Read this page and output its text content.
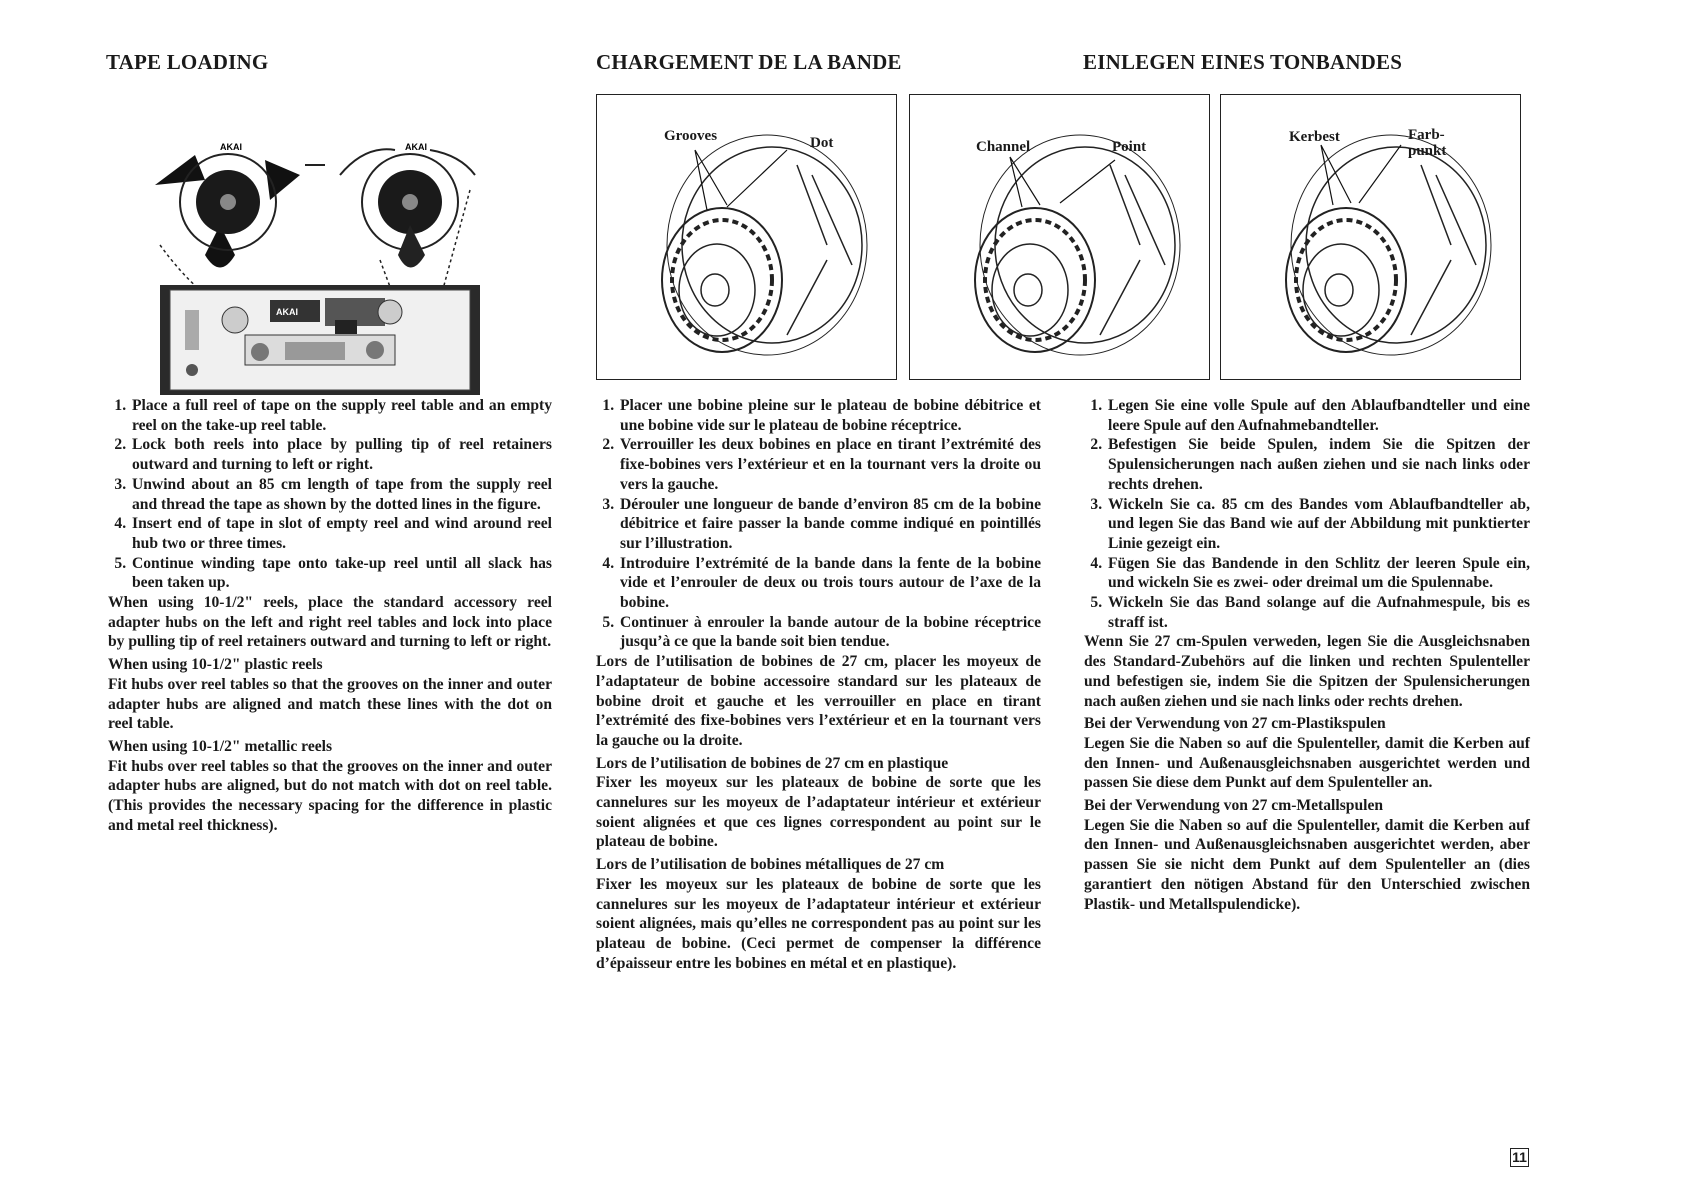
TAPE LOADING	CHARGEMENT DE LA BANDE	EINLEGEN EINES TONBANDES
AKAI	AKAI
AKAI
Grooves	Dot	Channel	Point
Kerbest	Farb-
punkt
1. Place a full reel of tape on the supply reel table and an empty reel on the take-up reel table.
2. Lock both reels into place by pulling tip of reel retainers outward and turning to left or right.
3. Unwind about an 85 cm length of tape from the supply reel and thread the tape as shown by the dotted lines in the figure.
4. Insert end of tape in slot of empty reel and wind around reel hub two or three times.
5. Continue winding tape onto take-up reel until all slack has been taken up.

When using 10-1/2" reels, place the standard accessory reel adapter hubs on the left and right reel tables and lock into place by pulling tip of reel retainers outward and turning to left or right.

When using 10-1/2" plastic reels

Fit hubs over reel tables so that the grooves on the inner and outer adapter hubs are aligned and match these lines with the dot on reel table.

When using 10-1/2" metallic reels

Fit hubs over reel tables so that the grooves on the inner and outer adapter hubs are aligned, but do not match with dot on reel table. (This provides the necessary spacing for the difference in plastic and metal reel thickness).

1. Placer une bobine pleine sur le plateau de bobine débitrice et une bobine vide sur le plateau de bobine réceptrice.
2. Verrouiller les deux bobines en place en tirant l’extrémité des fixe-bobines vers l’extérieur et en la tournant vers la droite ou vers la gauche.
3. Dérouler une longueur de bande d’environ 85 cm de la bobine débitrice et faire passer la bande comme indiqué en pointillés sur l’illustration.
4. Introduire l’extrémité de la bande dans la fente de la bobine vide et l’enrouler de deux ou trois tours autour de l’axe de la bobine.
5. Continuer à enrouler la bande autour de la bobine réceptrice jusqu’à ce que la bande soit bien tendue.

Lors de l’utilisation de bobines de 27 cm, placer les moyeux de l’adaptateur de bobine accessoire standard sur les plateaux de bobine droit et gauche et les verrouiller en place en tirant l’extrémité des fixe-bobines vers l’extérieur et en la tournant vers la gauche ou la droite.

Lors de l’utilisation de bobines de 27 cm en plastique

Fixer les moyeux sur les plateaux de bobine de sorte que les cannelures sur les moyeux de l’adaptateur intérieur et extérieur soient alignées et que ces lignes correspondent au point sur le plateau de bobine.

Lors de l’utilisation de bobines métalliques de 27 cm

Fixer les moyeux sur les plateaux de bobine de sorte que les cannelures sur les moyeux de l’adaptateur intérieur et extérieur soient alignées, mais qu’elles ne correspondent pas au point sur les plateau de bobine. (Ceci permet de compenser la différence d’épaisseur entre les bobines en métal et en plastique).

1. Legen Sie eine volle Spule auf den Ablaufbandteller und eine leere Spule auf den Aufnahmebandteller.
2. Befestigen Sie beide Spulen, indem Sie die Spitzen der Spulensicherungen nach außen ziehen und sie nach links oder rechts drehen.
3. Wickeln Sie ca. 85 cm des Bandes vom Ablaufbandteller ab, und legen Sie das Band wie auf der Abbildung mit punktierter Linie gezeigt ein.
4. Fügen Sie das Bandende in den Schlitz der leeren Spule ein, und wickeln Sie es zwei- oder dreimal um die Spulennabe.
5. Wickeln Sie das Band solange auf die Aufnahmespule, bis es straff ist.

Wenn Sie 27 cm-Spulen verweden, legen Sie die Ausgleichsnaben des Standard-Zubehörs auf die linken und rechten Spulenteller und befestigen sie, indem Sie die Spitzen der Spulensicherungen nach außen ziehen und sie nach links oder rechts drehen.

Bei der Verwendung von 27 cm-Plastikspulen

Legen Sie die Naben so auf die Spulenteller, damit die Kerben auf den Innen- und Außenausgleichsnaben ausgerichtet werden und passen Sie diese dem Punkt auf dem Spulenteller an.

Bei der Verwendung von 27 cm-Metallspulen

Legen Sie die Naben so auf die Spulenteller, damit die Kerben auf den Innen- und Außenausgleichsnaben ausgerichtet werden, aber passen Sie sie nicht dem Punkt auf dem Spulenteller an (dies garantiert den nötigen Abstand für den Unterschied zwischen Plastik- und Metallspulendicke).

11
